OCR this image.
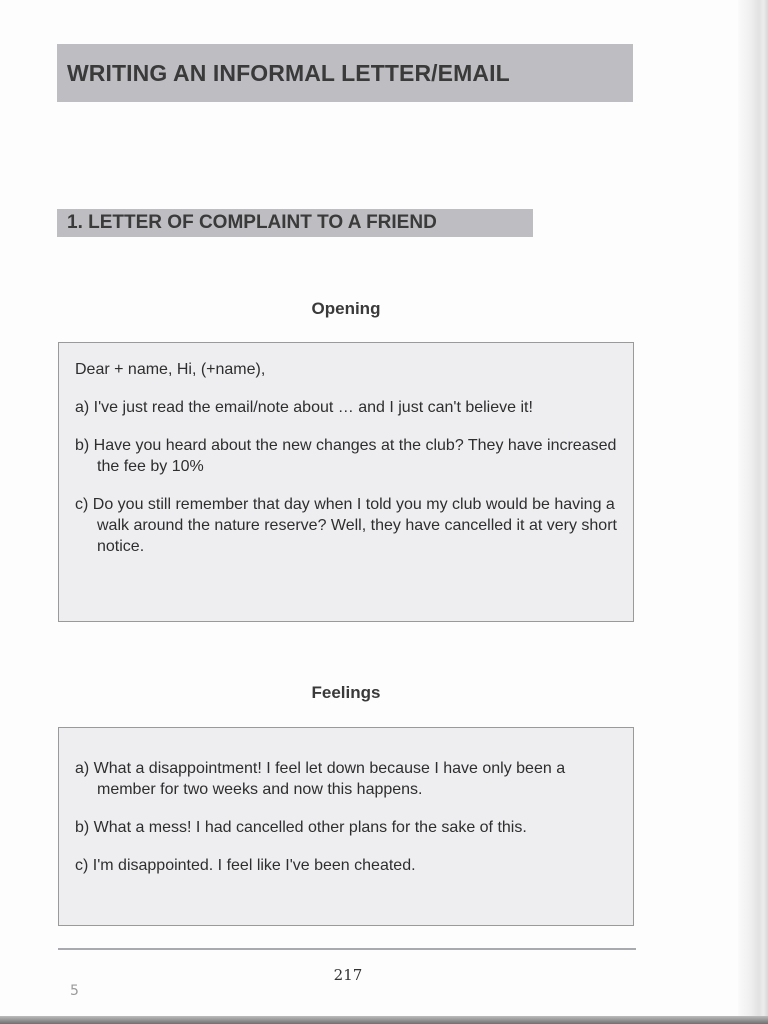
WRITING AN INFORMAL LETTER/EMAIL
1. LETTER OF COMPLAINT TO A FRIEND
Opening

Dear + name, Hi, (+name),

a) I've just read the email/note about … and I just can't believe it!

b) Have you heard about the new changes at the club? They have increased the fee by 10%

c) Do you still remember that day when I told you my club would be having a walk around the nature reserve? Well, they have cancelled it at very short notice.

Feelings

a) What a disappointment! I feel let down because I have only been a member for two weeks and now this happens.

b) What a mess! I had cancelled other plans for the sake of this.

c) I'm disappointed. I feel like I've been cheated.

217
5
